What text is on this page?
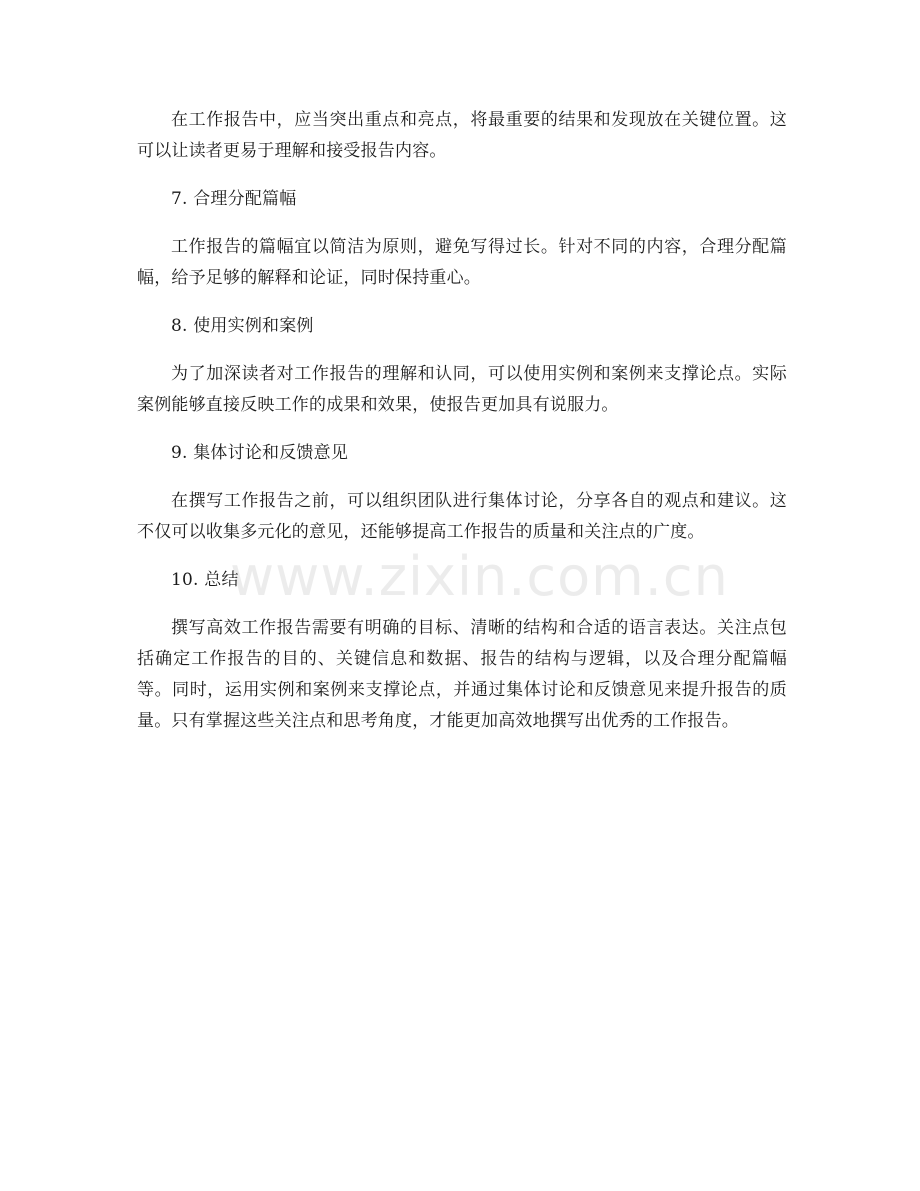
在工作报告中，应当突出重点和亮点，将最重要的结果和发现放在关键位置。这可以让读者更易于理解和接受报告内容。

7. 合理分配篇幅

工作报告的篇幅宜以简洁为原则，避免写得过长。针对不同的内容，合理分配篇幅，给予足够的解释和论证，同时保持重心。

8. 使用实例和案例

为了加深读者对工作报告的理解和认同，可以使用实例和案例来支撑论点。实际案例能够直接反映工作的成果和效果，使报告更加具有说服力。

9. 集体讨论和反馈意见

在撰写工作报告之前，可以组织团队进行集体讨论，分享各自的观点和建议。这不仅可以收集多元化的意见，还能够提高工作报告的质量和关注点的广度。

10. 总结

撰写高效工作报告需要有明确的目标、清晰的结构和合适的语言表达。关注点包括确定工作报告的目的、关键信息和数据、报告的结构与逻辑，以及合理分配篇幅等。同时，运用实例和案例来支撑论点，并通过集体讨论和反馈意见来提升报告的质量。只有掌握这些关注点和思考角度，才能更加高效地撰写出优秀的工作报告。

www.zixin.com.cn
